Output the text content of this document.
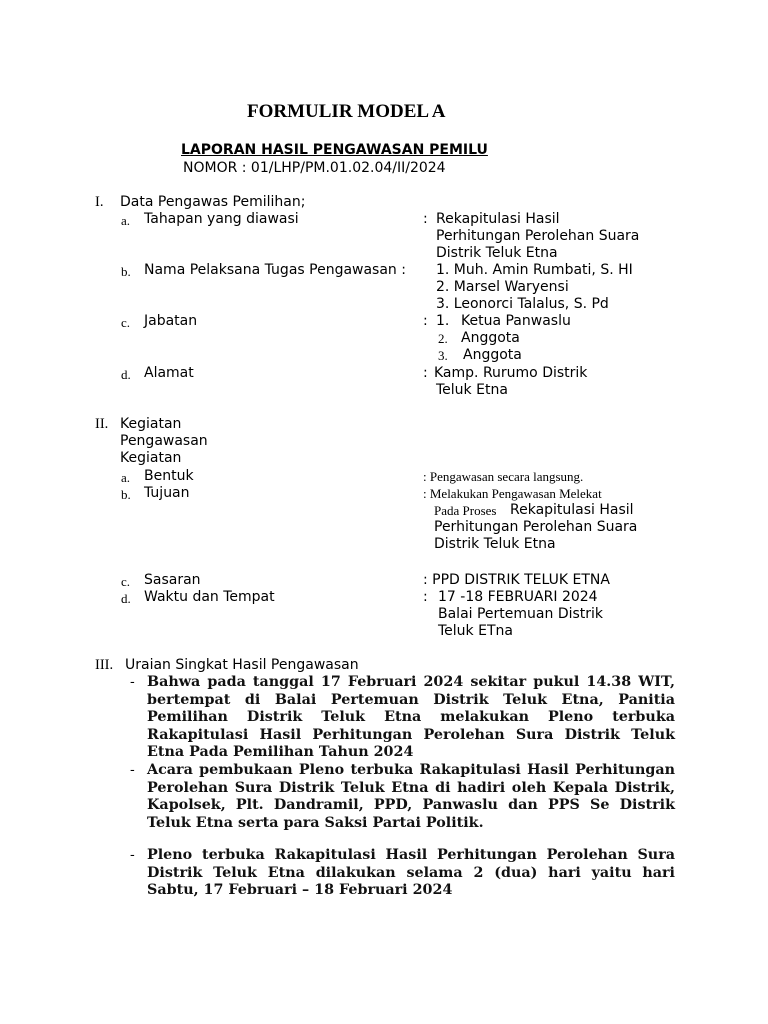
FORMULIR MODEL A
LAPORAN HASIL PENGAWASAN PEMILU
NOMOR : 01/LHP/PM.01.02.04/II/2024
I. Data Pengawas Pemilihan;
a. Tahapan yang diawasi	: Rekapitulasi Hasil
Perhitungan Perolehan Suara
Distrik Teluk Etna
b. Nama Pelaksana Tugas Pengawasan : 1. Muh. Amin Rumbati, S. HI
2. Marsel Waryensi
3. Leonorci Talalus, S. Pd
c. Jabatan	: 1. Ketua Panwaslu
2. Anggota
3. Anggota
d. Alamat	: Kamp. Rurumo Distrik
Teluk Etna
II. Kegiatan
Pengawasan
Kegiatan
a. Bentuk	: Pengawasan secara langsung.
b. Tujuan	: Melakukan Pengawasan Melekat
Pada Proses Rekapitulasi Hasil
Perhitungan Perolehan Suara
Distrik Teluk Etna
c. Sasaran	: PPD DISTRIK TELUK ETNA
d. Waktu dan Tempat	: 17 -18 FEBRUARI 2024
Balai Pertemuan Distrik
Teluk ETna
III. Uraian Singkat Hasil Pengawasan
- Bahwa pada tanggal 17 Februari 2024 sekitar pukul 14.38 WIT, bertempat di Balai Pertemuan Distrik Teluk Etna, Panitia Pemilihan Distrik Teluk Etna melakukan Pleno terbuka Rakapitulasi Hasil Perhitungan Perolehan Sura Distrik Teluk Etna Pada Pemilihan Tahun 2024
- Acara pembukaan Pleno terbuka Rakapitulasi Hasil Perhitungan Perolehan Sura Distrik Teluk Etna di hadiri oleh Kepala Distrik, Kapolsek, Plt. Dandramil, PPD, Panwaslu dan PPS Se Distrik Teluk Etna serta para Saksi Partai Politik.
- Pleno terbuka Rakapitulasi Hasil Perhitungan Perolehan Sura Distrik Teluk Etna dilakukan selama 2 (dua) hari yaitu hari Sabtu, 17 Februari – 18 Februari 2024
